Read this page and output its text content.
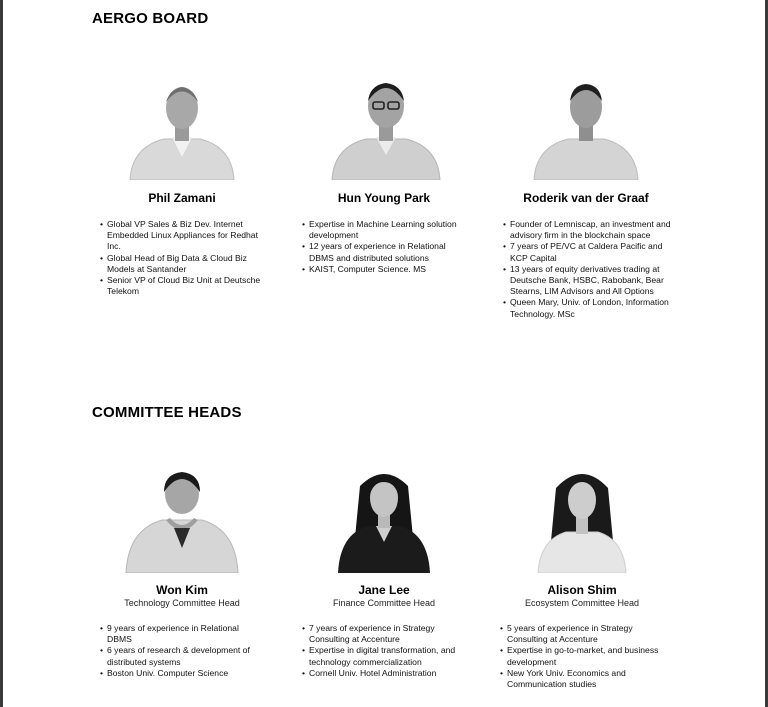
AERGO BOARD
Phil Zamani
• Global VP Sales & Biz Dev. Internet Embedded Linux Appliances for Redhat Inc.
• Global Head of Big Data & Cloud Biz Models at Santander
• Senior VP of Cloud Biz Unit at Deutsche Telekom
Hun Young Park
• Expertise in Machine Learning solution development
• 12 years of experience in Relational DBMS and distributed solutions
• KAIST, Computer Science. MS
Roderik van der Graaf
• Founder of Lemniscap, an investment and advisory firm in the blockchain space
• 7 years of PE/VC at Caldera Pacific and KCP Capital
• 13 years of equity derivatives trading at Deutsche Bank, HSBC, Rabobank, Bear Stearns, LIM Advisors and All Options
• Queen Mary, Univ. of London, Information Technology. MSc
COMMITTEE HEADS
Won Kim
Technology Committee Head
• 9 years of experience in Relational DBMS
• 6 years of research & development of distributed systems
• Boston Univ. Computer Science
Jane Lee
Finance Committee Head
• 7 years of experience in Strategy Consulting at Accenture
• Expertise in digital transformation, and technology commercialization
• Cornell Univ. Hotel Administration
Alison Shim
Ecosystem Committee Head
• 5 years of experience in Strategy Consulting at Accenture
• Expertise in go-to-market, and business development
• New York Univ. Economics and Communication studies
